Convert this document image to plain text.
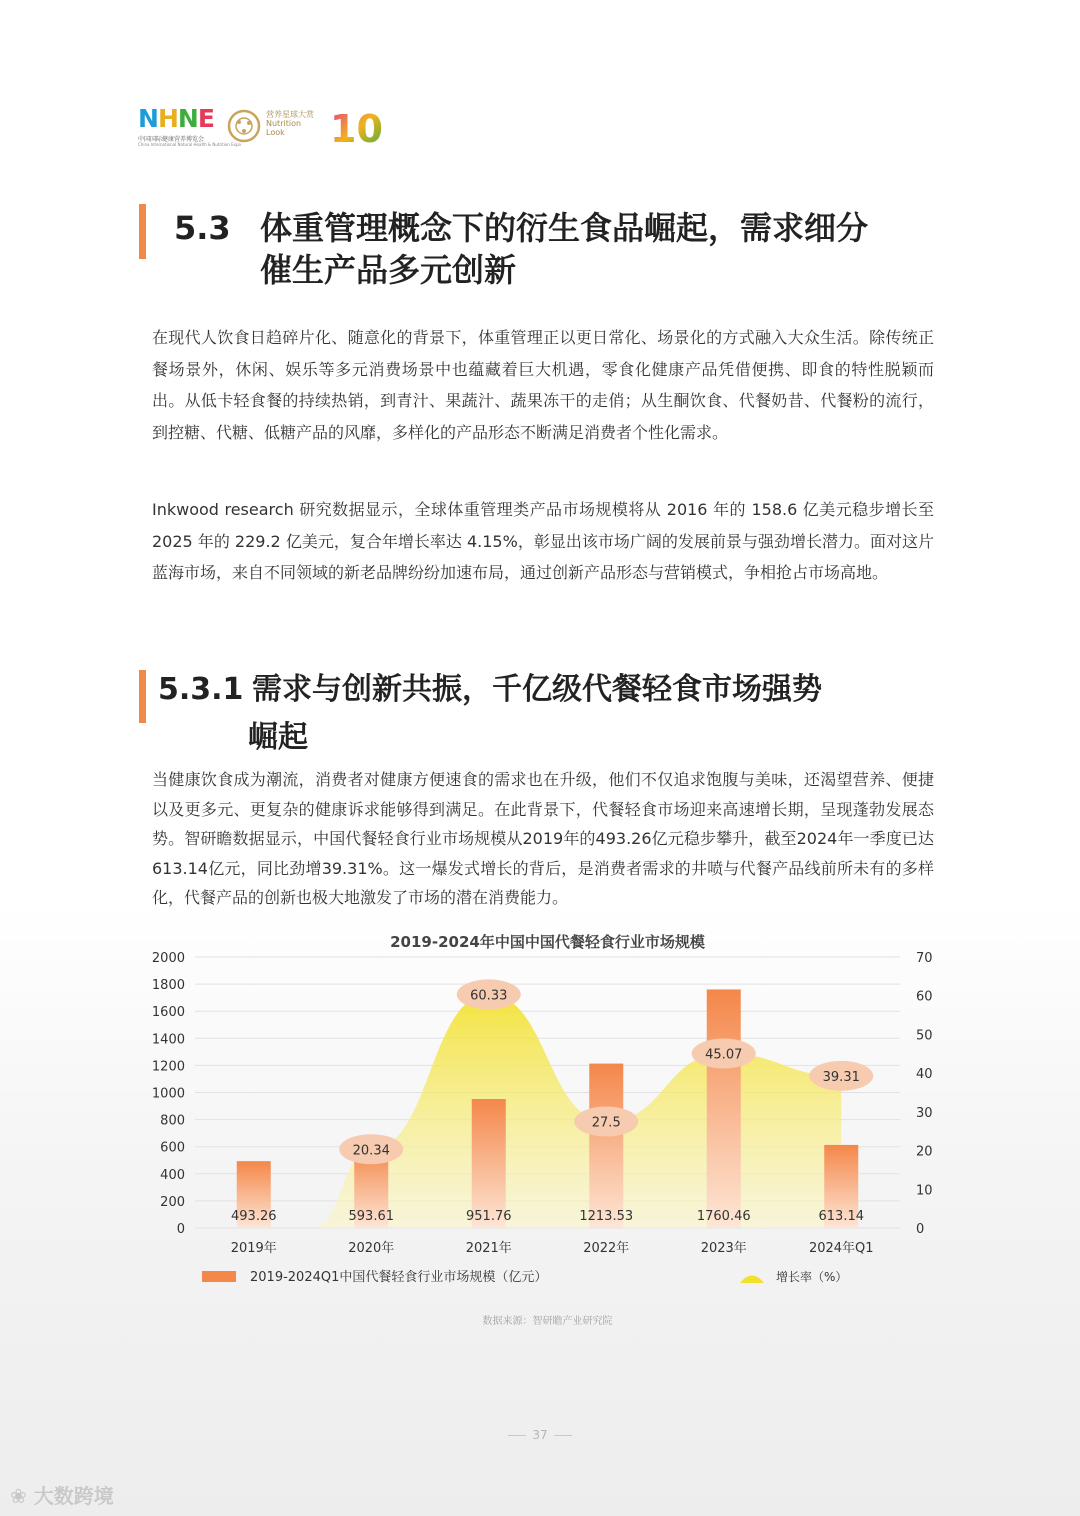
NHNE
中国国际健康营养博览会
China International Natural Health & Nutrition Expo
营养星球大赏
Nutrition
Look	10
5.3 体重管理概念下的衍生食品崛起，需求细分
催生产品多元创新

在现代人饮食日趋碎片化、随意化的背景下，体重管理正以更日常化、场景化的方式融入大众生活。除传统正餐场景外，休闲、娱乐等多元消费场景中也蕴藏着巨大机遇，零食化健康产品凭借便携、即食的特性脱颖而出。从低卡轻食餐的持续热销，到青汁、果蔬汁、蔬果冻干的走俏；从生酮饮食、代餐奶昔、代餐粉的流行，到控糖、代糖、低糖产品的风靡，多样化的产品形态不断满足消费者个性化需求。

Inkwood research 研究数据显示，全球体重管理类产品市场规模将从 2016 年的 158.6 亿美元稳步增长至 2025 年的 229.2 亿美元，复合年增长率达 4.15%，彰显出该市场广阔的发展前景与强劲增长潜力。面对这片蓝海市场，来自不同领域的新老品牌纷纷加速布局，通过创新产品形态与营销模式，争相抢占市场高地。

5.3.1 需求与创新共振，千亿级代餐轻食市场强势
崛起

当健康饮食成为潮流，消费者对健康方便速食的需求也在升级，他们不仅追求饱腹与美味，还渴望营养、便捷以及更多元、更复杂的健康诉求能够得到满足。在此背景下，代餐轻食市场迎来高速增长期，呈现蓬勃发展态势。智研瞻数据显示，中国代餐轻食行业市场规模从2019年的493.26亿元稳步攀升，截至2024年一季度已达613.14亿元，同比劲增39.31%。这一爆发式增长的背后，是消费者需求的井喷与代餐产品线前所未有的多样化，代餐产品的创新也极大地激发了市场的潜在消费能力。

2019-2024年中国中国代餐轻食行业市场规模
0
200
400
600
800
1000
1200
1400
1600
1800
2000
0
10
20
30
40
50
60
70
493.26	593.61	951.76	1213.53	1760.46	613.14
20.34
60.33
27.5
45.07
39.31
2019年	2020年	2021年	2022年	2023年	2024年Q1
2019-2024Q1中国代餐轻食行业市场规模（亿元）	增长率（%）
数据来源：智研瞻产业研究院
37
❀ 大数跨境
